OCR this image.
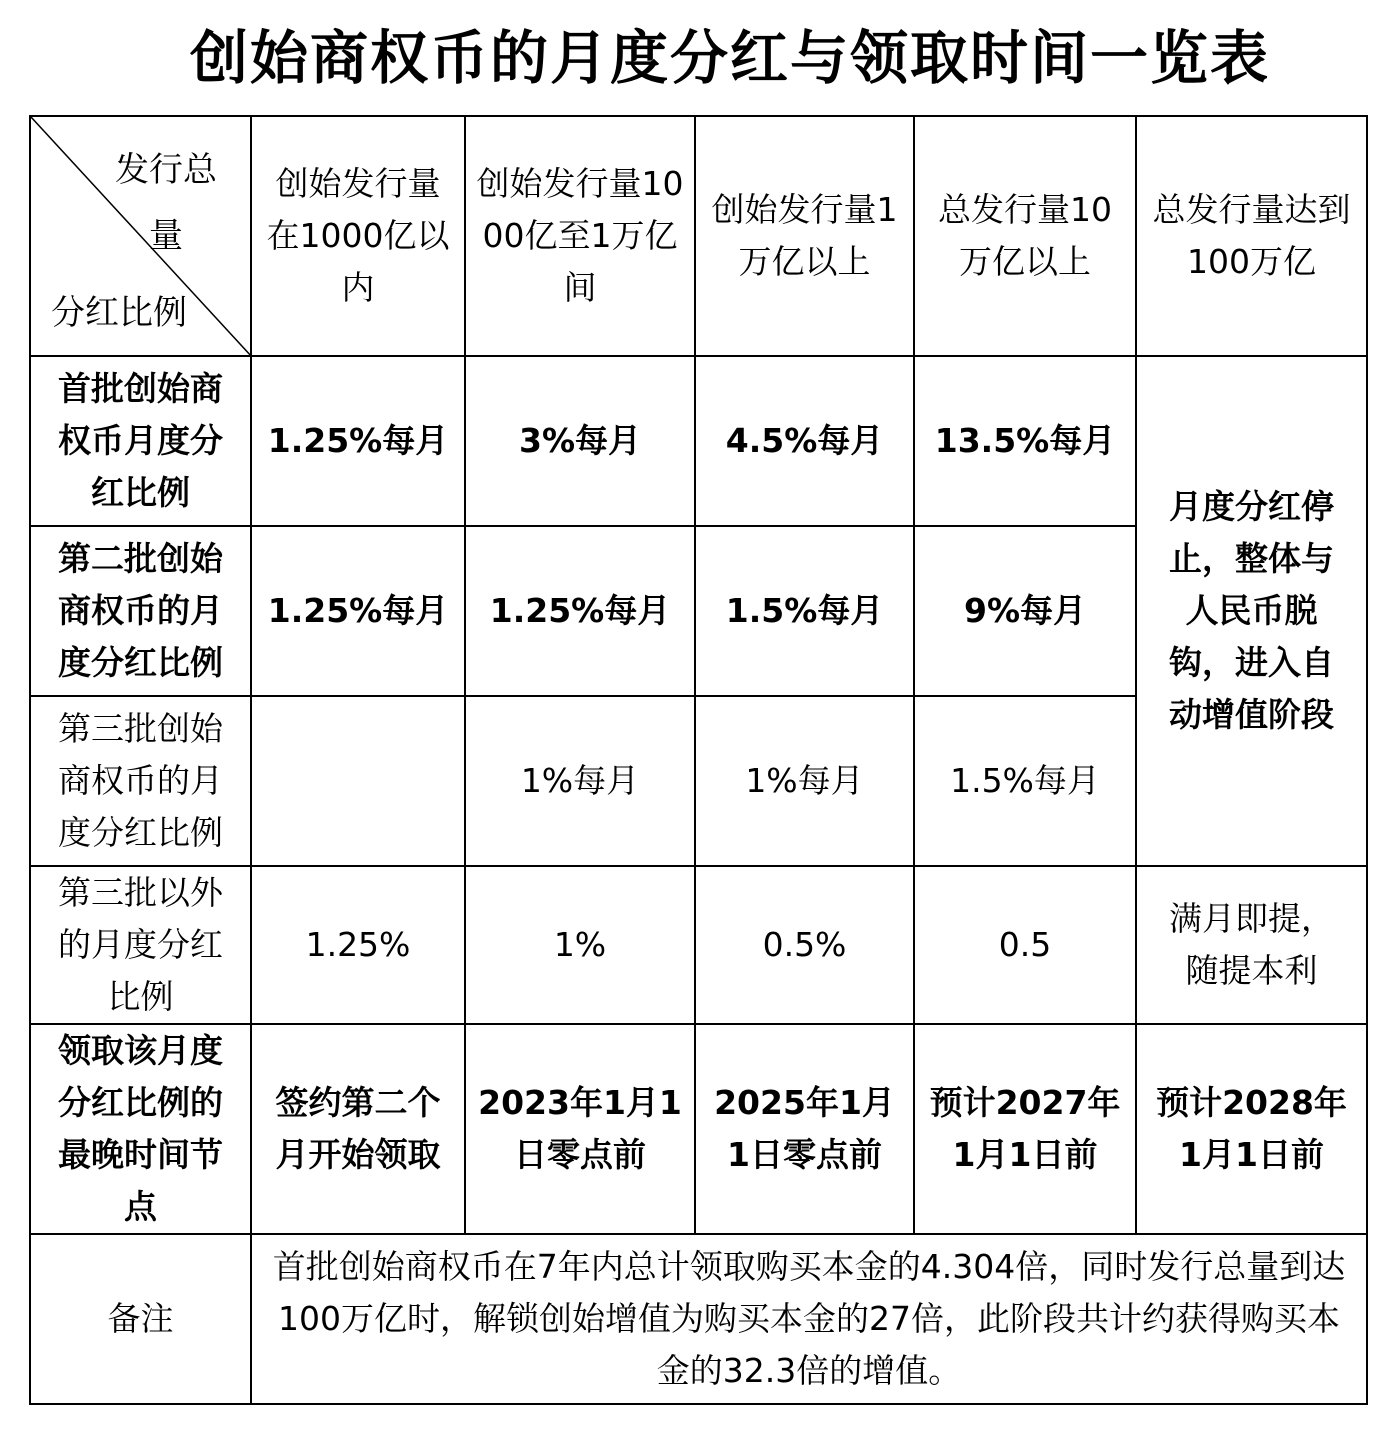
创始商权币的月度分红与领取时间一览表
发行总量
分红比例	创始发行量在1000亿以内	创始发行量1000亿至1万亿间	创始发行量1万亿以上	总发行量10万亿以上	总发行量达到100万亿
首批创始商权币月度分红比例	1.25%每月	3%每月	4.5%每月	13.5%每月	月度分红停止，整体与人民币脱钩，进入自动增值阶段
第二批创始商权币的月度分红比例	1.25%每月	1.25%每月	1.5%每月	9%每月	
第三批创始商权币的月度分红比例		1%每月	1%每月	1.5%每月	
第三批以外的月度分红比例	1.25%	1%	0.5%	0.5	满月即提，随提本利
领取该月度分红比例的最晚时间节点	签约第二个月开始领取	2023年1月1日零点前	2025年1月1日零点前	预计2027年1月1日前	预计2028年1月1日前
备注	首批创始商权币在7年内总计领取购买本金的4.304倍，同时发行总量到达100万亿时，解锁创始增值为购买本金的27倍，此阶段共计约获得购买本金的32.3倍的增值。				
